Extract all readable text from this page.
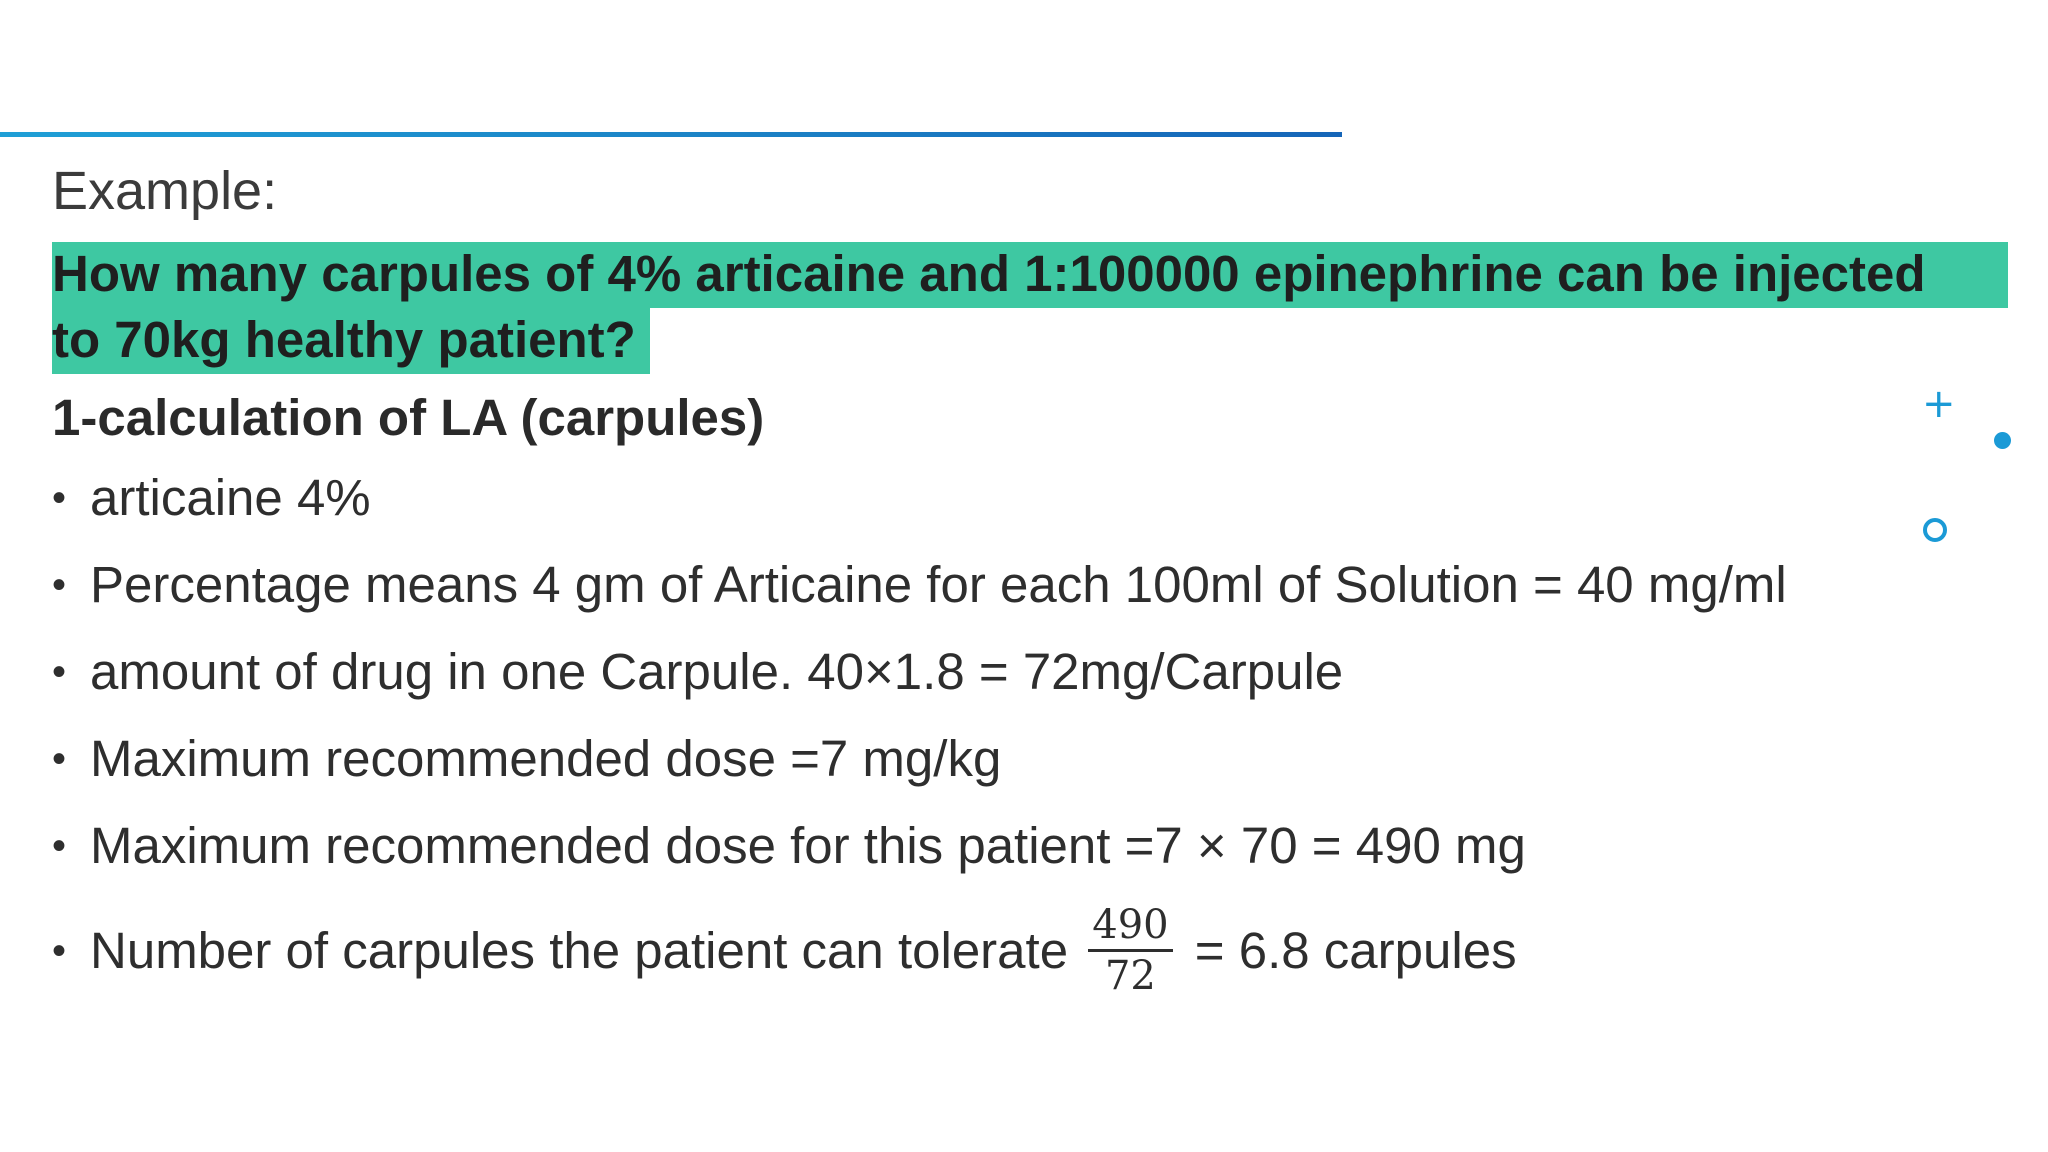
Example:
How many carpules of 4% articaine and 1:100000 epinephrine can be injected
to 70kg healthy patient?
1-calculation of LA (carpules)
• articaine 4%
• Percentage means 4 gm of Articaine for each 100ml of Solution = 40 mg/ml
• amount of drug in one Carpule. 40×1.8 = 72mg/Carpule
• Maximum recommended dose =7 mg/kg
• Maximum recommended dose for this patient =7 × 70 = 490 mg
• Number of carpules the patient can tolerate $\frac{490}{72} = 6.8$ carpules
+
